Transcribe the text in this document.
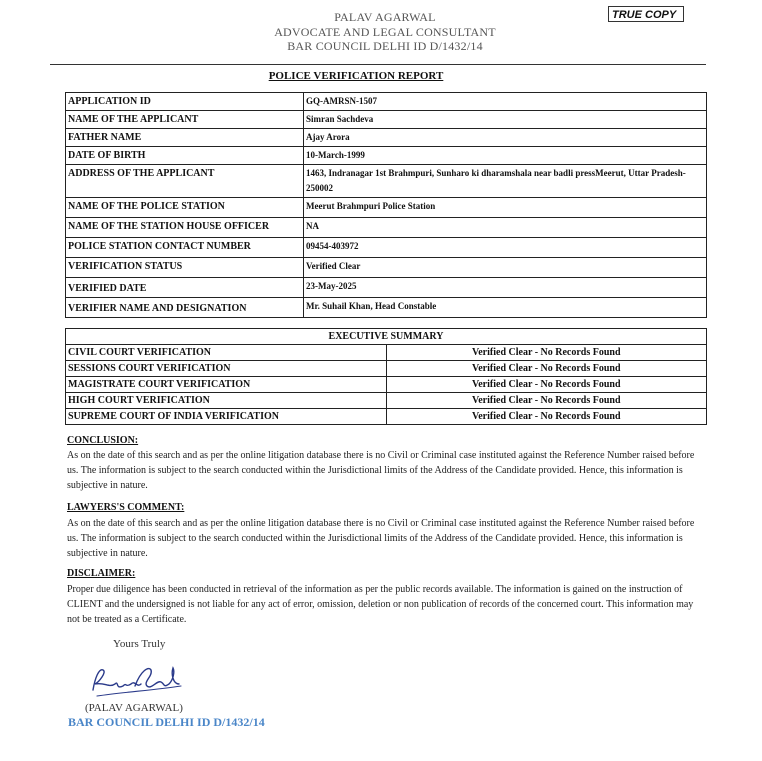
PALAV AGARWAL
ADVOCATE AND LEGAL CONSULTANT
BAR COUNCIL DELHI ID D/1432/14
TRUE COPY
POLICE VERIFICATION REPORT
APPLICATION ID	GQ-AMRSN-1507
NAME OF THE APPLICANT	Simran Sachdeva
FATHER NAME	Ajay Arora
DATE OF BIRTH	10-March-1999
ADDRESS OF THE APPLICANT	1463, Indranagar 1st Brahmpuri, Sunharo ki dharamshala near badli pressMeerut, Uttar Pradesh-250002
NAME OF THE POLICE STATION	Meerut Brahmpuri Police Station
NAME OF THE STATION HOUSE OFFICER	NA
POLICE STATION CONTACT NUMBER	09454-403972
VERIFICATION STATUS	Verified Clear
VERIFIED DATE	23-May-2025
VERIFIER NAME AND DESIGNATION	Mr. Suhail Khan, Head Constable
EXECUTIVE SUMMARY	
CIVIL COURT VERIFICATION	Verified Clear - No Records Found
SESSIONS COURT VERIFICATION	Verified Clear - No Records Found
MAGISTRATE COURT VERIFICATION	Verified Clear - No Records Found
HIGH COURT VERIFICATION	Verified Clear - No Records Found
SUPREME COURT OF INDIA VERIFICATION	Verified Clear - No Records Found
CONCLUSION:
As on the date of this search and as per the online litigation database there is no Civil or Criminal case instituted against the Reference Number raised before us. The information is subject to the search conducted within the Jurisdictional limits of the Address of the Candidate provided. Hence, this information is subjective in nature.
LAWYERS'S COMMENT:
As on the date of this search and as per the online litigation database there is no Civil or Criminal case instituted against the Reference Number raised before us. The information is subject to the search conducted within the Jurisdictional limits of the Address of the Candidate provided. Hence, this information is subjective in nature.
DISCLAIMER:
Proper due diligence has been conducted in retrieval of the information as per the public records available. The information is gained on the instruction of CLIENT and the undersigned is not liable for any act of error, omission, deletion or non publication of records of the concerned court. This information may not be treated as a Certificate.
Yours Truly
(PALAV AGARWAL)
BAR COUNCIL DELHI ID D/1432/14
